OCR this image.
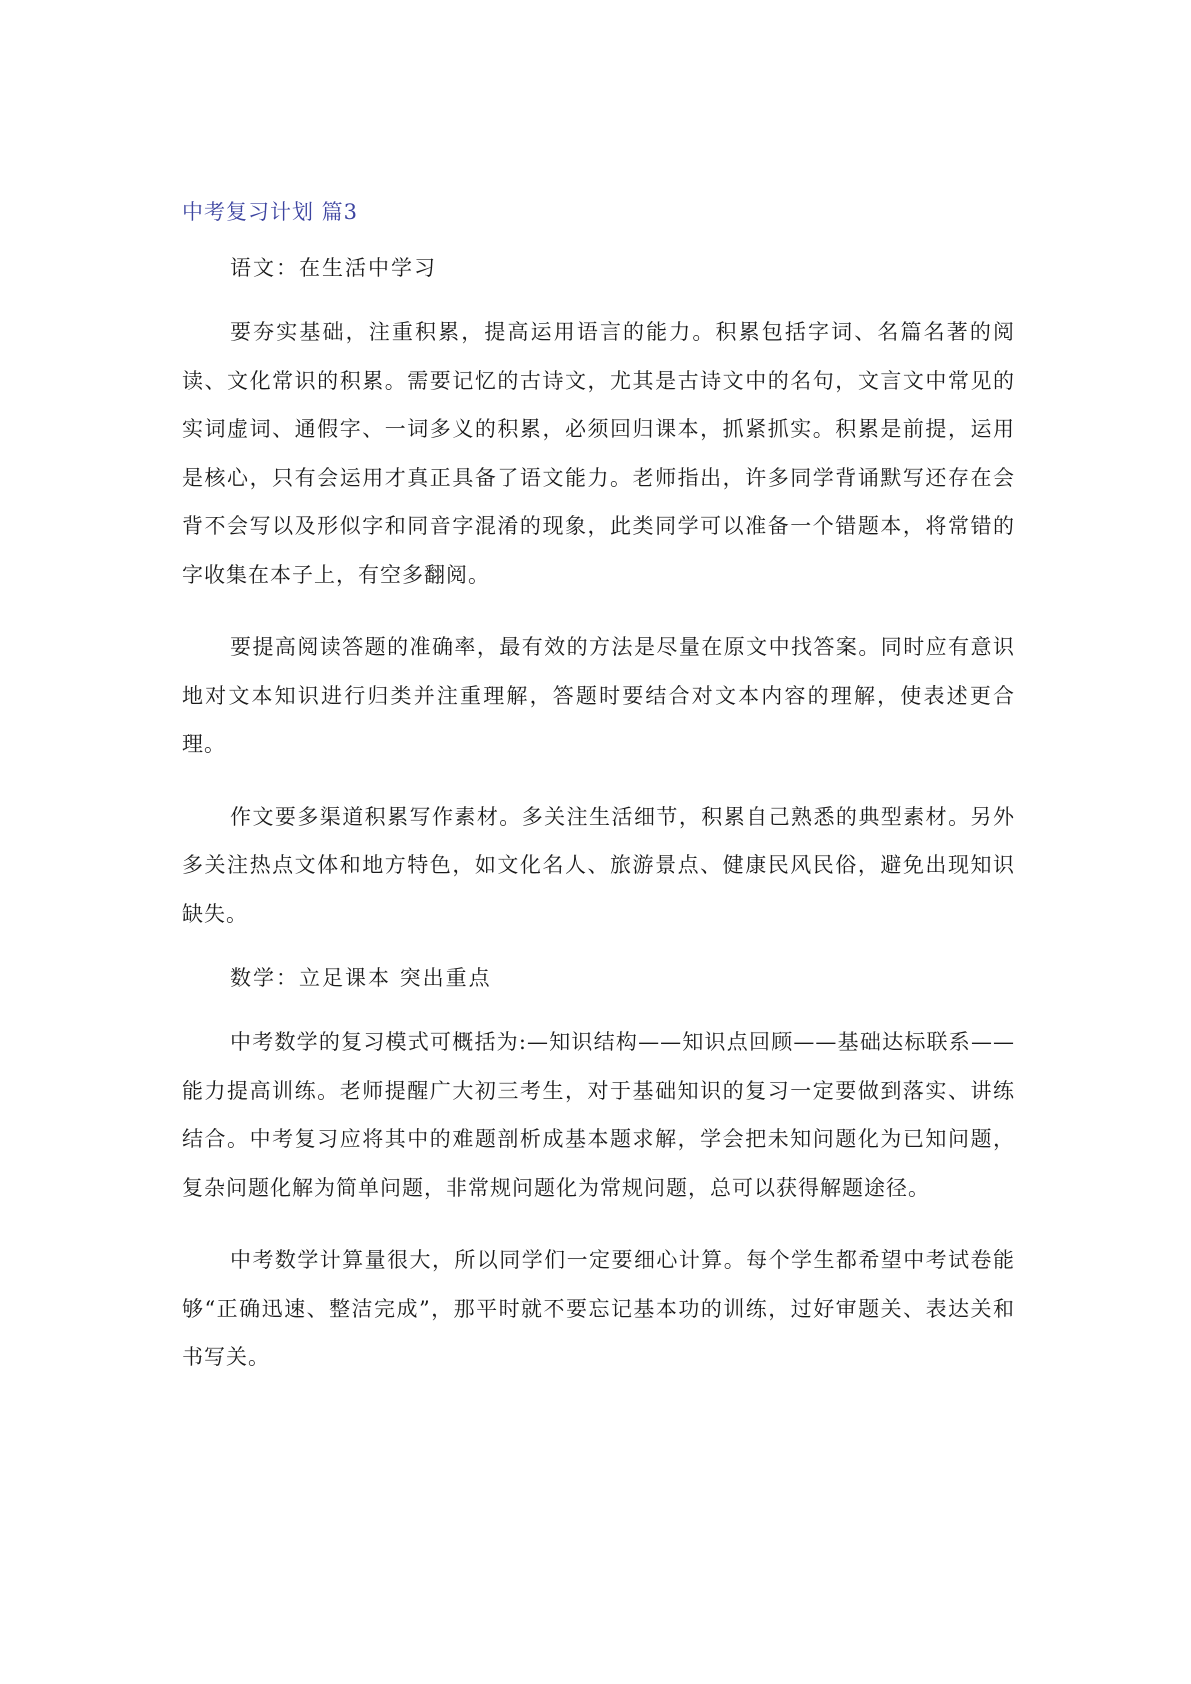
中考复习计划 篇3
语文：在生活中学习

要夯实基础，注重积累，提高运用语言的能力。积累包括字词、名篇名著的阅读、文化常识的积累。需要记忆的古诗文，尤其是古诗文中的名句，文言文中常见的实词虚词、通假字、一词多义的积累，必须回归课本，抓紧抓实。积累是前提，运用是核心，只有会运用才真正具备了语文能力。老师指出，许多同学背诵默写还存在会背不会写以及形似字和同音字混淆的现象，此类同学可以准备一个错题本，将常错的字收集在本子上，有空多翻阅。

要提高阅读答题的准确率，最有效的方法是尽量在原文中找答案。同时应有意识地对文本知识进行归类并注重理解，答题时要结合对文本内容的理解，使表述更合理。

作文要多渠道积累写作素材。多关注生活细节，积累自己熟悉的典型素材。另外多关注热点文体和地方特色，如文化名人、旅游景点、健康民风民俗，避免出现知识缺失。

数学：立足课本 突出重点

中考数学的复习模式可概括为:—知识结构——知识点回顾——基础达标联系——能力提高训练。老师提醒广大初三考生，对于基础知识的复习一定要做到落实、讲练结合。中考复习应将其中的难题剖析成基本题求解，学会把未知问题化为已知问题，复杂问题化解为简单问题，非常规问题化为常规问题，总可以获得解题途径。

中考数学计算量很大，所以同学们一定要细心计算。每个学生都希望中考试卷能够“正确迅速、整洁完成”，那平时就不要忘记基本功的训练，过好审题关、表达关和书写关。
